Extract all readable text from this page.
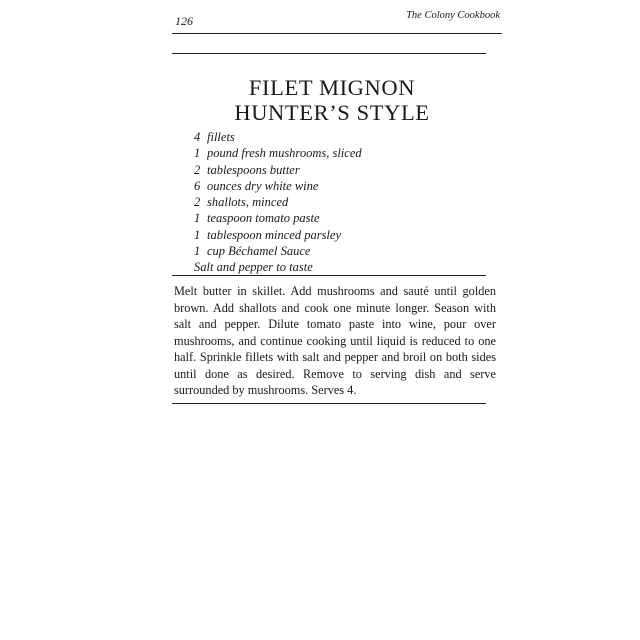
126	The Colony Cookbook
FILET MIGNON
HUNTER’S STYLE
4 fillets
1 pound fresh mushrooms, sliced
2 tablespoons butter
6 ounces dry white wine
2 shallots, minced
1 teaspoon tomato paste
1 tablespoon minced parsley
1 cup Béchamel Sauce
Salt and pepper to taste

Melt butter in skillet. Add mushrooms and sauté until golden brown. Add shallots and cook one minute longer. Season with salt and pepper. Dilute tomato paste into wine, pour over mushrooms, and continue cooking until liquid is reduced to one half. Sprinkle fillets with salt and pepper and broil on both sides until done as desired. Remove to serving dish and serve surrounded by mushrooms. Serves 4.
